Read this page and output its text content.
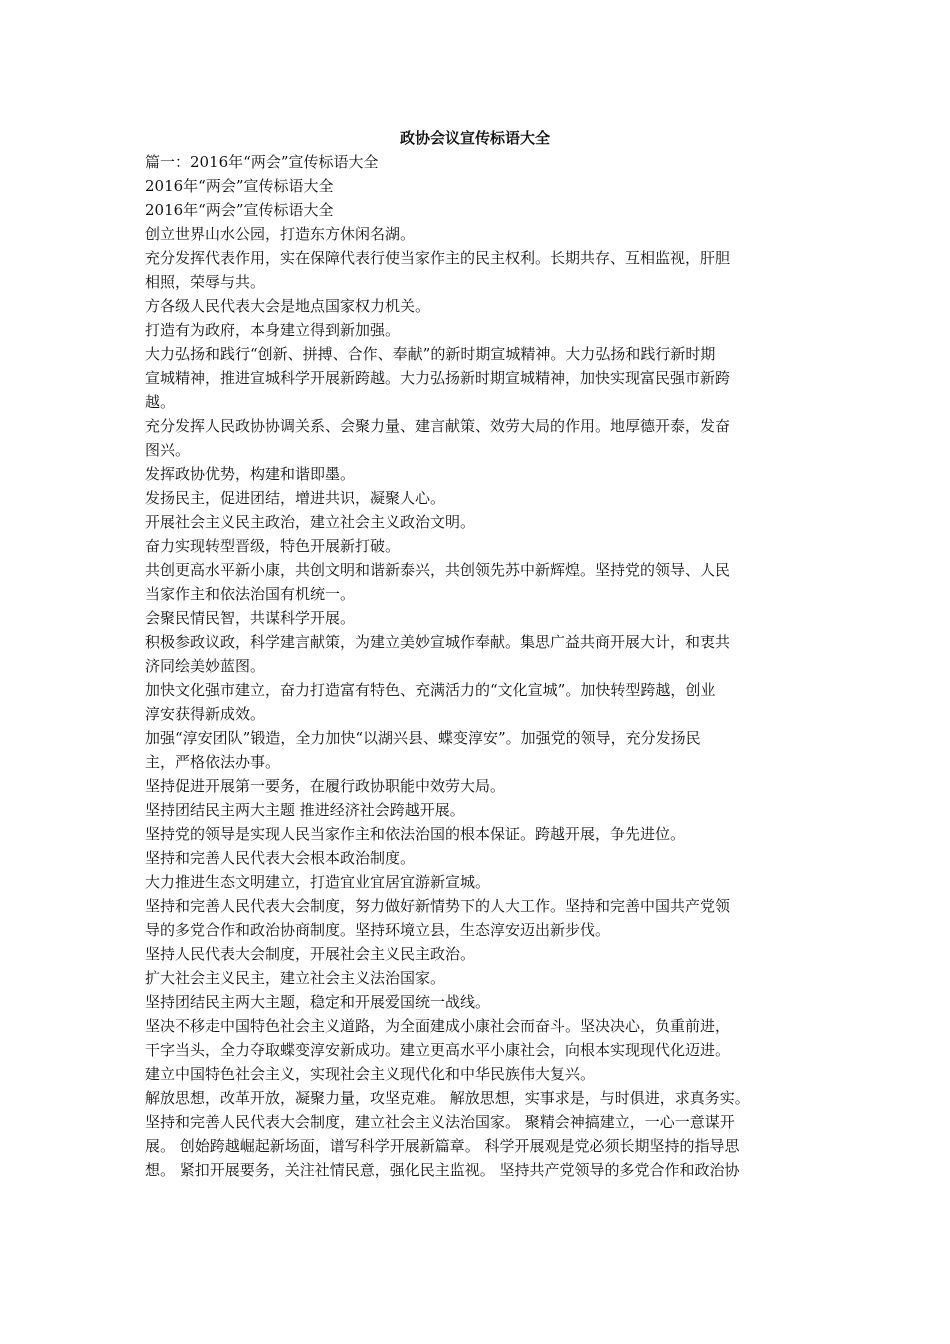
政协会议宣传标语大全
篇一：2016年“两会”宣传标语大全
2016年“两会”宣传标语大全
2016年“两会”宣传标语大全
创立世界山水公园，打造东方休闲名湖。
充分发挥代表作用，实在保障代表行使当家作主的民主权利。长期共存、互相监视，肝胆
相照，荣辱与共。
方各级人民代表大会是地点国家权力机关。
打造有为政府，本身建立得到新加强。
大力弘扬和践行“创新、拼搏、合作、奉献”的新时期宣城精神。大力弘扬和践行新时期
宣城精神，推进宣城科学开展新跨越。大力弘扬新时期宣城精神，加快实现富民强市新跨
越。
充分发挥人民政协协调关系、会聚力量、建言献策、效劳大局的作用。地厚德开泰，发奋
图兴。
发挥政协优势，构建和谐即墨。
发扬民主，促进团结，增进共识，凝聚人心。
开展社会主义民主政治，建立社会主义政治文明。
奋力实现转型晋级，特色开展新打破。
共创更高水平新小康，共创文明和谐新泰兴，共创领先苏中新辉煌。坚持党的领导、人民
当家作主和依法治国有机统一。
会聚民情民智，共谋科学开展。
积极参政议政，科学建言献策，为建立美妙宣城作奉献。集思广益共商开展大计，和衷共
济同绘美妙蓝图。
加快文化强市建立，奋力打造富有特色、充满活力的“文化宣城”。加快转型跨越，创业
淳安获得新成效。
加强“淳安团队”锻造，全力加快“以湖兴县、蝶变淳安”。加强党的领导，充分发扬民
主，严格依法办事。
坚持促进开展第一要务，在履行政协职能中效劳大局。
坚持团结民主两大主题 推进经济社会跨越开展。
坚持党的领导是实现人民当家作主和依法治国的根本保证。跨越开展，争先进位。
坚持和完善人民代表大会根本政治制度。
大力推进生态文明建立，打造宜业宜居宜游新宣城。
坚持和完善人民代表大会制度，努力做好新情势下的人大工作。坚持和完善中国共产党领
导的多党合作和政治协商制度。坚持环境立县，生态淳安迈出新步伐。
坚持人民代表大会制度，开展社会主义民主政治。
扩大社会主义民主，建立社会主义法治国家。
坚持团结民主两大主题，稳定和开展爱国统一战线。
坚决不移走中国特色社会主义道路，为全面建成小康社会而奋斗。坚决决心，负重前进，
干字当头，全力夺取蝶变淳安新成功。建立更高水平小康社会，向根本实现现代化迈进。
建立中国特色社会主义，实现社会主义现代化和中华民族伟大复兴。
解放思想，改革开放，凝聚力量，攻坚克难。 解放思想，实事求是，与时俱进，求真务实。
坚持和完善人民代表大会制度，建立社会主义法治国家。 聚精会神搞建立，一心一意谋开
展。 创始跨越崛起新场面，谱写科学开展新篇章。 科学开展观是党必须长期坚持的指导思
想。 紧扣开展要务，关注社情民意，强化民主监视。 坚持共产党领导的多党合作和政治协
